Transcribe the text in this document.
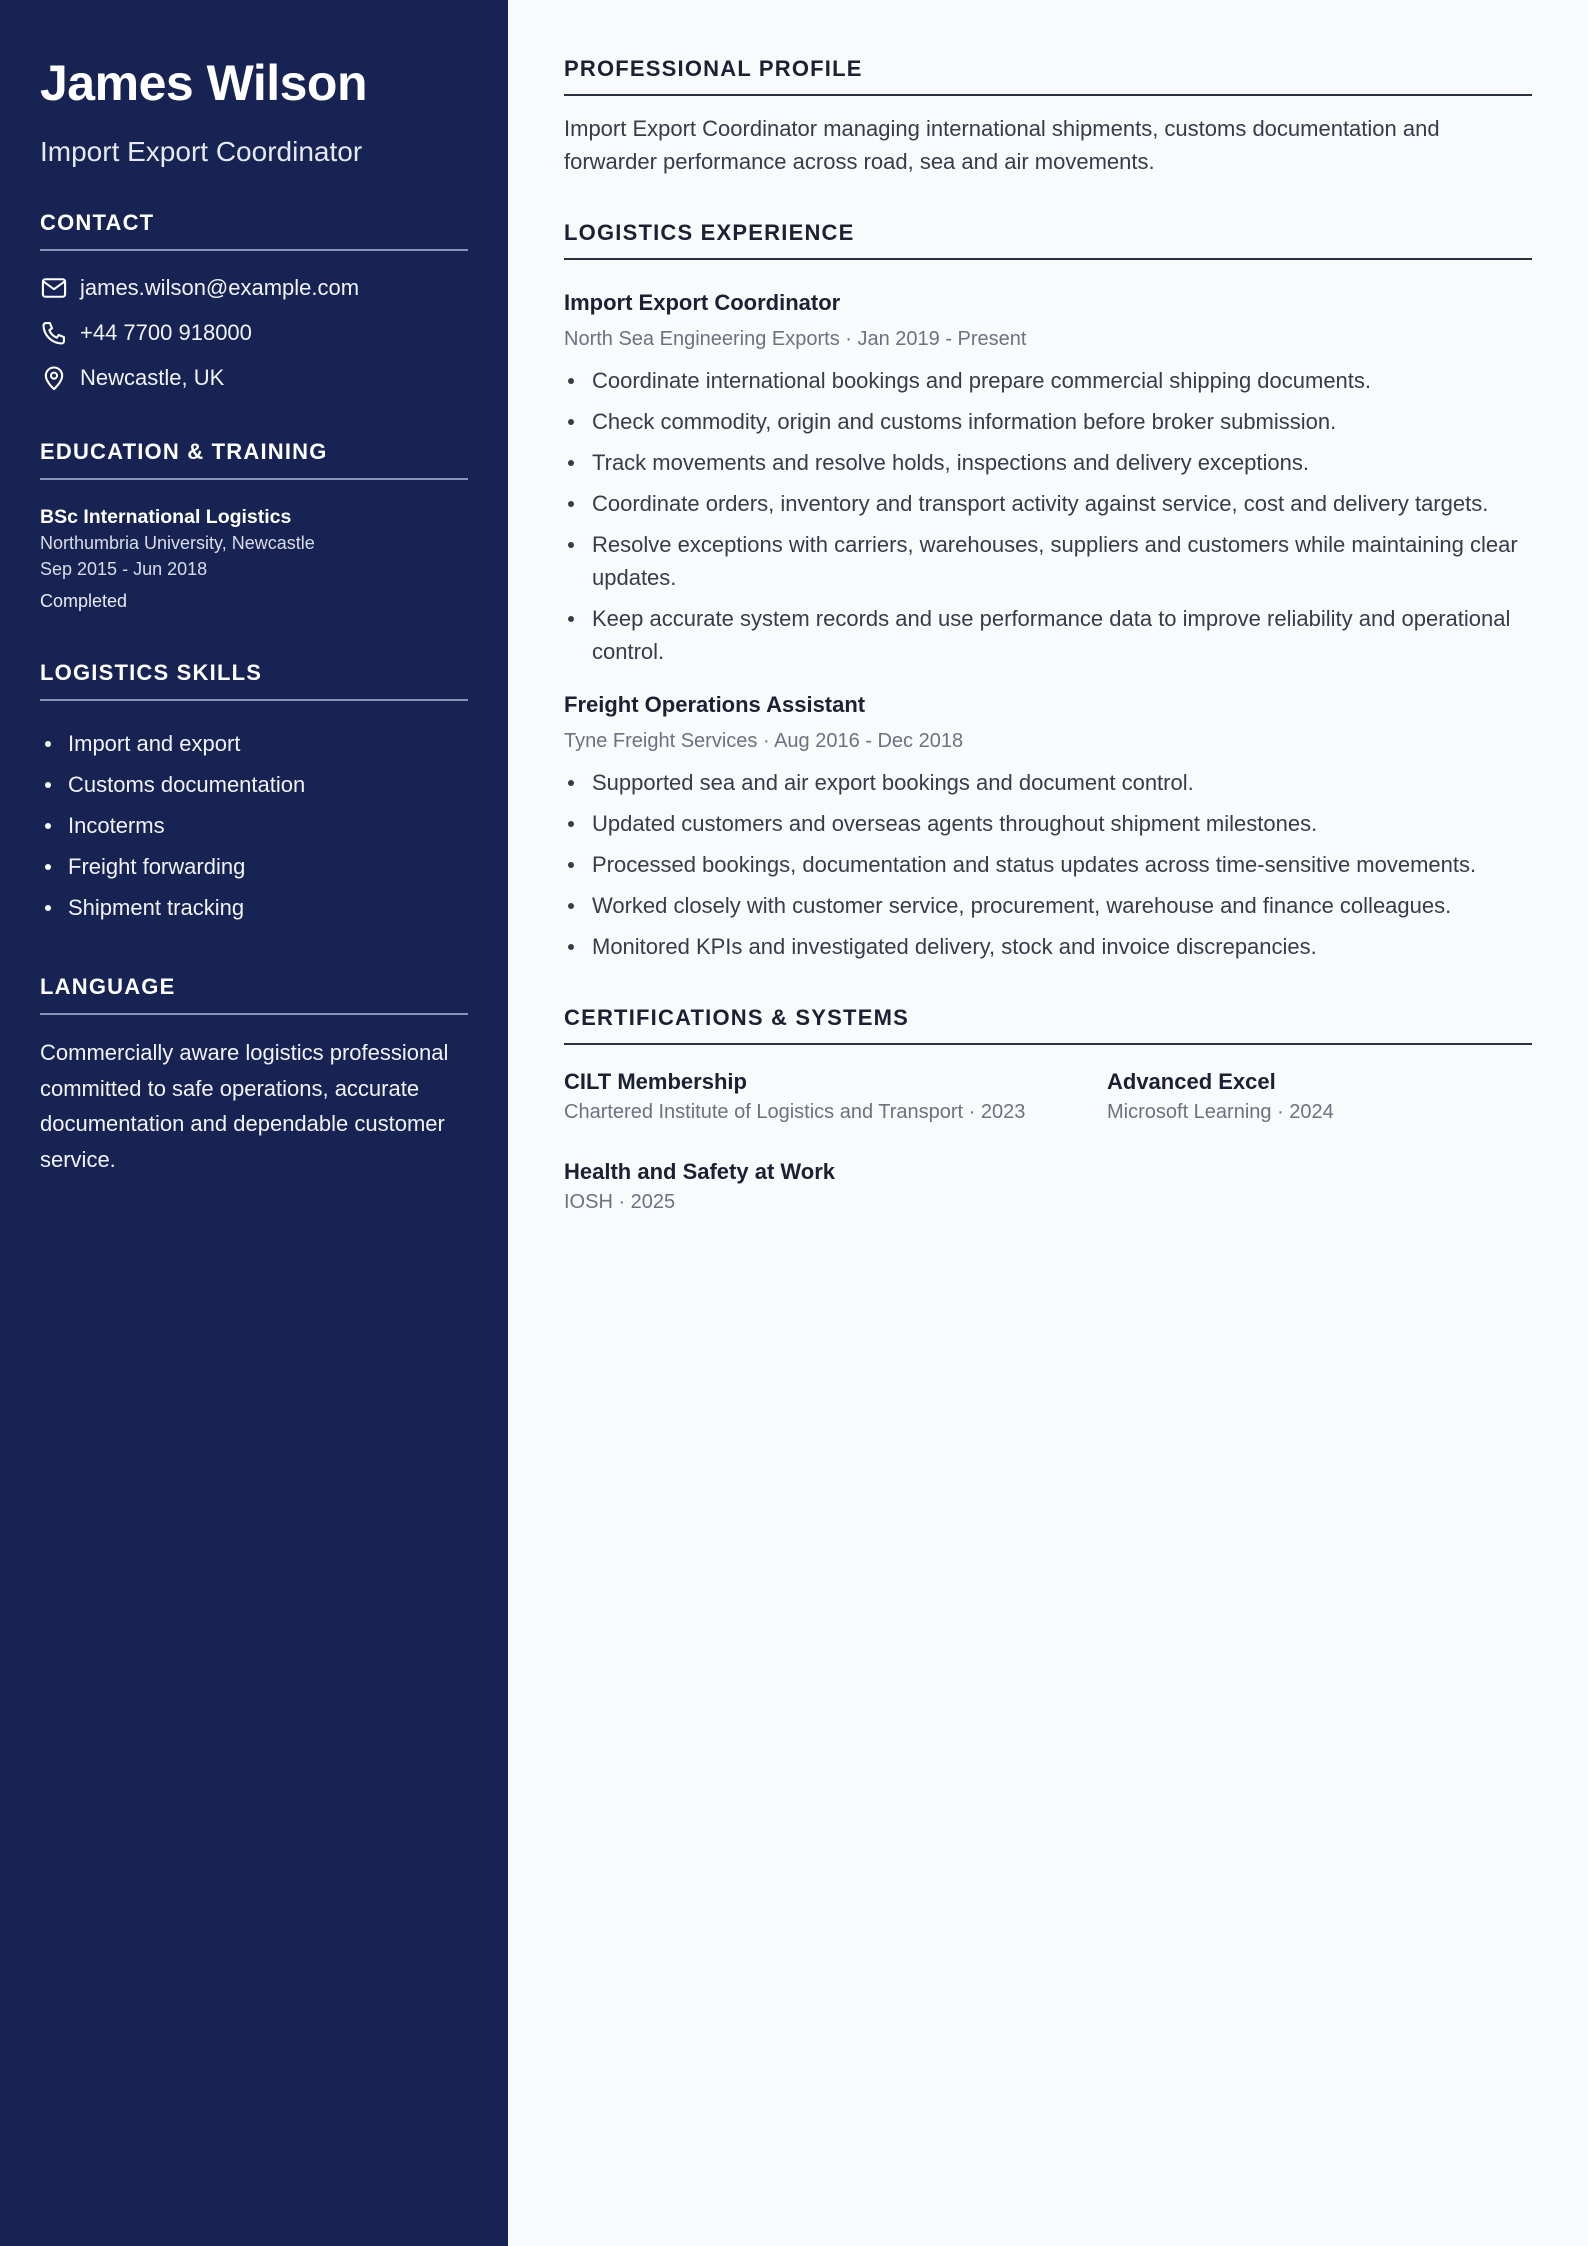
James Wilson
Import Export Coordinator
CONTACT
james.wilson@example.com
+44 7700 918000
Newcastle, UK
EDUCATION & TRAINING
BSc International Logistics
Northumbria University, Newcastle
Sep 2015 - Jun 2018
Completed
LOGISTICS SKILLS
Import and export
Customs documentation
Incoterms
Freight forwarding
Shipment tracking
LANGUAGE
Commercially aware logistics professional committed to safe operations, accurate documentation and dependable customer service.
PROFESSIONAL PROFILE
Import Export Coordinator managing international shipments, customs documentation and forwarder performance across road, sea and air movements.
LOGISTICS EXPERIENCE
Import Export Coordinator
North Sea Engineering Exports · Jan 2019 - Present
Coordinate international bookings and prepare commercial shipping documents.
Check commodity, origin and customs information before broker submission.
Track movements and resolve holds, inspections and delivery exceptions.
Coordinate orders, inventory and transport activity against service, cost and delivery targets.
Resolve exceptions with carriers, warehouses, suppliers and customers while maintaining clear updates.
Keep accurate system records and use performance data to improve reliability and operational control.
Freight Operations Assistant
Tyne Freight Services · Aug 2016 - Dec 2018
Supported sea and air export bookings and document control.
Updated customers and overseas agents throughout shipment milestones.
Processed bookings, documentation and status updates across time-sensitive movements.
Worked closely with customer service, procurement, warehouse and finance colleagues.
Monitored KPIs and investigated delivery, stock and invoice discrepancies.
CERTIFICATIONS & SYSTEMS
CILT Membership
Chartered Institute of Logistics and Transport · 2023
Advanced Excel
Microsoft Learning · 2024
Health and Safety at Work
IOSH · 2025
